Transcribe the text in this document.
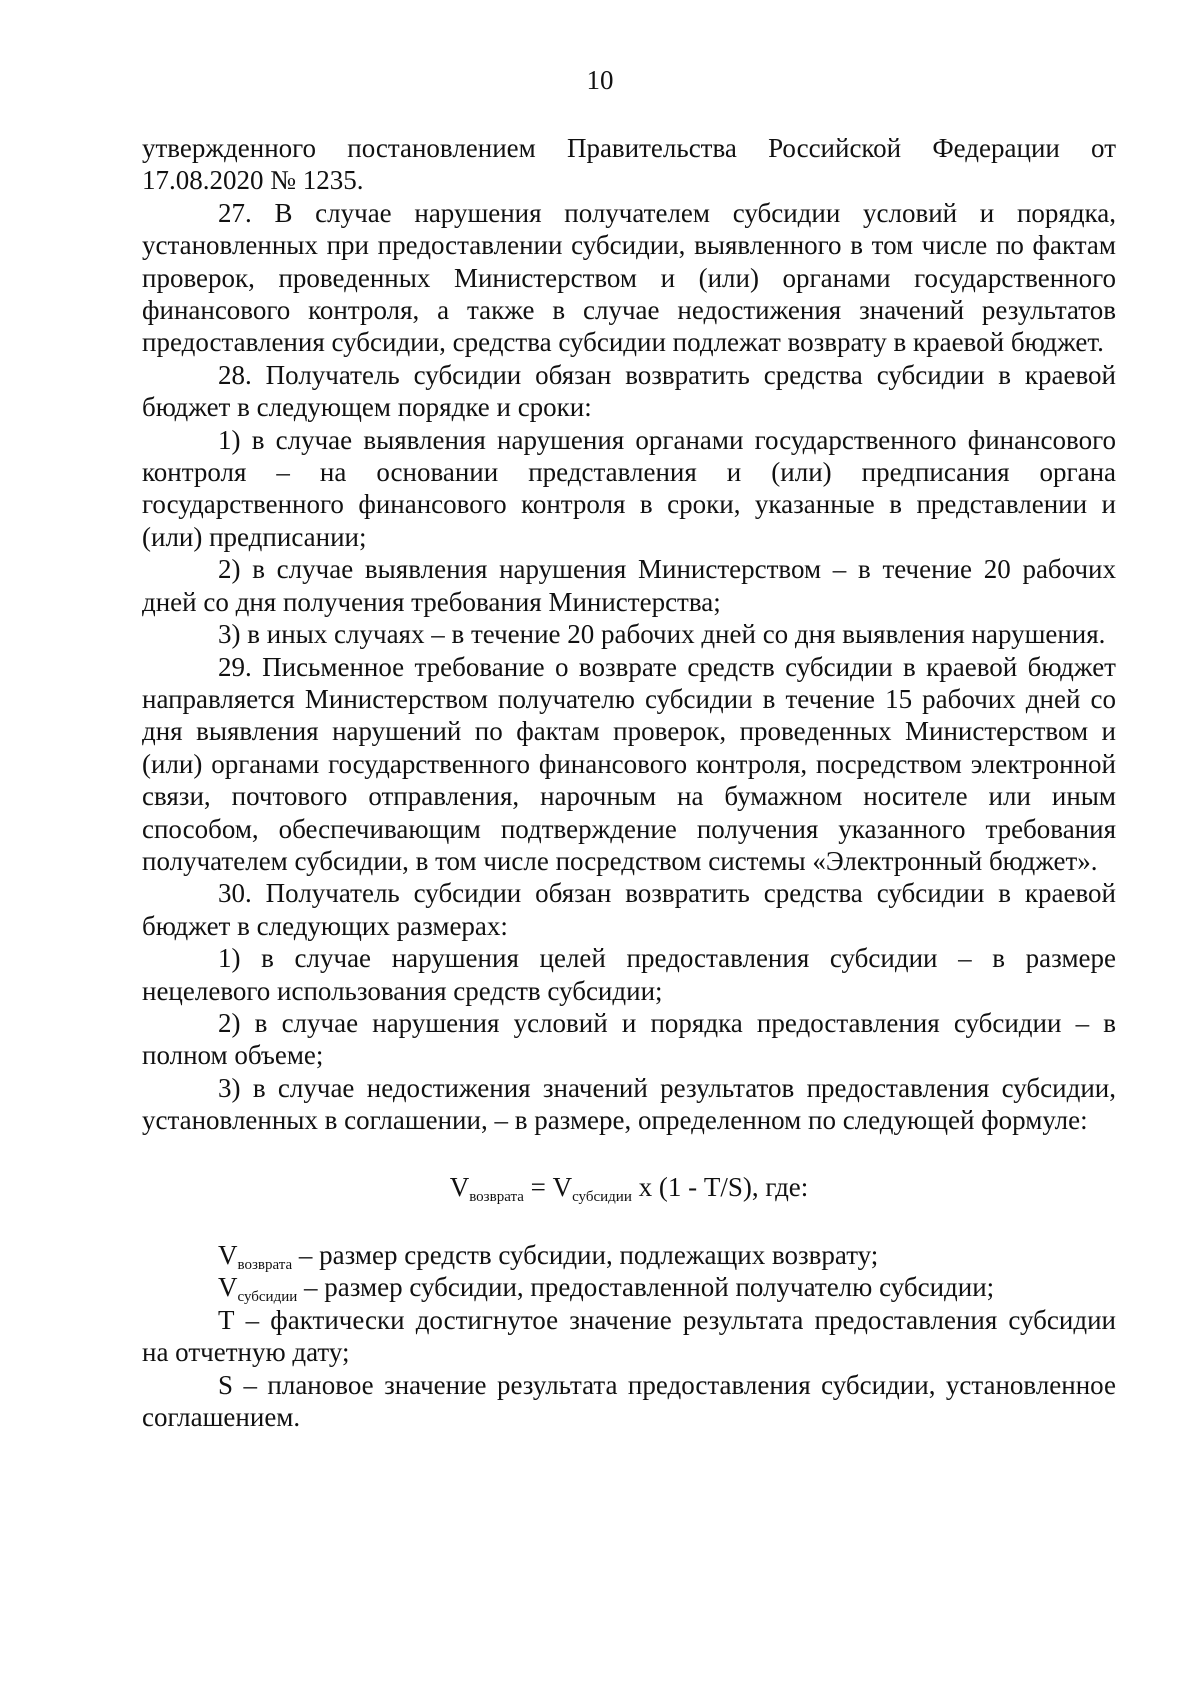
10

утвержденного постановлением Правительства Российской Федерации от 17.08.2020 № 1235.

27. В случае нарушения получателем субсидии условий и порядка, установленных при предоставлении субсидии, выявленного в том числе по фактам проверок, проведенных Министерством и (или) органами государственного финансового контроля, а также в случае недостижения значений результатов предоставления субсидии, средства субсидии подлежат возврату в краевой бюджет.

28. Получатель субсидии обязан возвратить средства субсидии в краевой бюджет в следующем порядке и сроки:

1) в случае выявления нарушения органами государственного финансового контроля – на основании представления и (или) предписания органа государственного финансового контроля в сроки, указанные в представлении и (или) предписании;

2) в случае выявления нарушения Министерством – в течение 20 рабочих дней со дня получения требования Министерства;

3) в иных случаях – в течение 20 рабочих дней со дня выявления нарушения.

29. Письменное требование о возврате средств субсидии в краевой бюджет направляется Министерством получателю субсидии в течение 15 рабочих дней со дня выявления нарушений по фактам проверок, проведенных Министерством и (или) органами государственного финансового контроля, посредством электронной связи, почтового отправления, нарочным на бумажном носителе или иным способом, обеспечивающим подтверждение получения указанного требования получателем субсидии, в том числе посредством системы «Электронный бюджет».

30. Получатель субсидии обязан возвратить средства субсидии в краевой бюджет в следующих размерах:

1) в случае нарушения целей предоставления субсидии – в размере нецелевого использования средств субсидии;

2) в случае нарушения условий и порядка предоставления субсидии – в полном объеме;

3) в случае недостижения значений результатов предоставления субсидии, установленных в соглашении, – в размере, определенном по следующей формуле:

$V_{возврата} = V_{субсидии}$ х (1 - Т/S), где:

$V_{возврата}$ – размер средств субсидии, подлежащих возврату;

$V_{субсидии}$ – размер субсидии, предоставленной получателю субсидии;

Т – фактически достигнутое значение результата предоставления субсидии на отчетную дату;

S – плановое значение результата предоставления субсидии, установленное соглашением.
